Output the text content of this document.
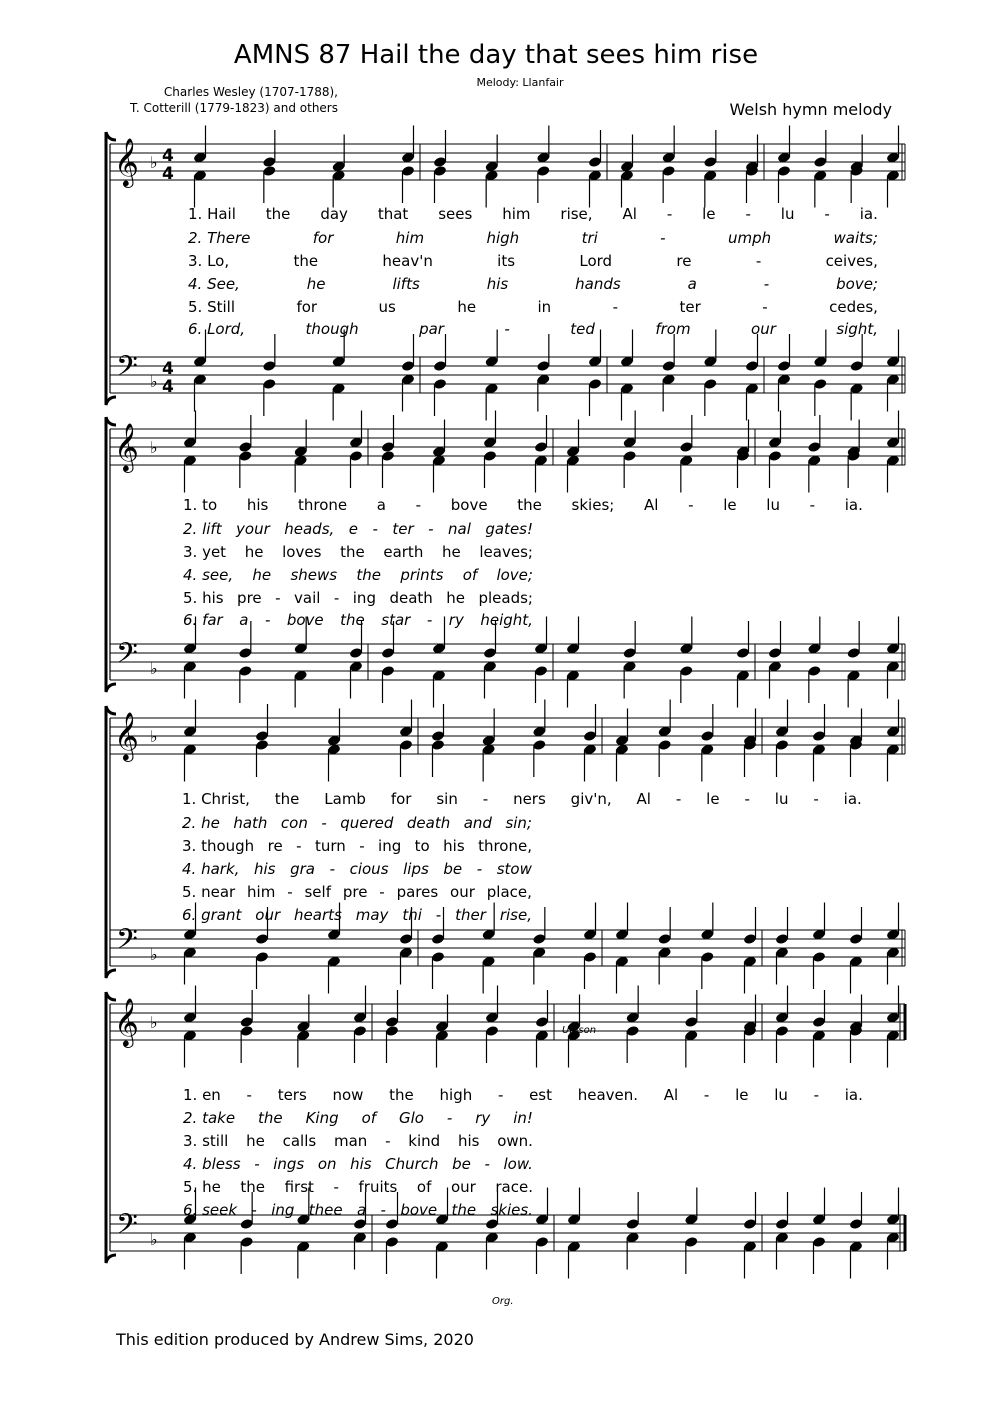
AMNS 87 Hail the day that sees him rise
Melody: Llanfair
Charles Wesley (1707-1788),
T. Cotterill (1779-1823) and others	Welsh hymn melody
𝄞
𝄢
♭
♭
4
4
4
4
𝄞
𝄢
♭
♭
𝄞
𝄢
♭
♭
𝄞
𝄢
♭
♭
1. Hail the day that sees him rise, Al - le - lu - ia.
2. There	for	him	high	tri	-	umph	waits;
3. Lo,	the	heav'n	its	Lord	re	-	ceives,
4. See,	he	lifts	his	hands	a	-	bove;
5. Still	for	us	he	in	-	ter	-	cedes,
6. Lord,	though	par	-	ted	from	our	sight,
1. to his throne a - bove the skies; Al - le lu - ia.
2. lift your heads, e - ter - nal gates!
3. yet he loves the earth he leaves;
4. see, he shews the prints of love;
5. his pre - vail - ing death he pleads;
6. far a - bove the star - ry height,
1. Christ, the Lamb for sin - ners giv'n, Al - le - lu - ia.
2. he hath con - quered death and sin;
3. though re - turn - ing to his throne,
4. hark, his gra - cious lips be - stow
5. near him - self pre - pares our place,
6. grant our hearts may thi - ther rise,
1. en - ters now the high - est heaven. Al - le lu - ia.
2. take the King of Glo - ry in!
3. still he calls man - kind his own.
4. bless - ings on his Church be - low.
5. he the first - fruits of our race.
6. seek - ing thee a - bove the skies.
Unison
Org.
This edition produced by Andrew Sims, 2020
